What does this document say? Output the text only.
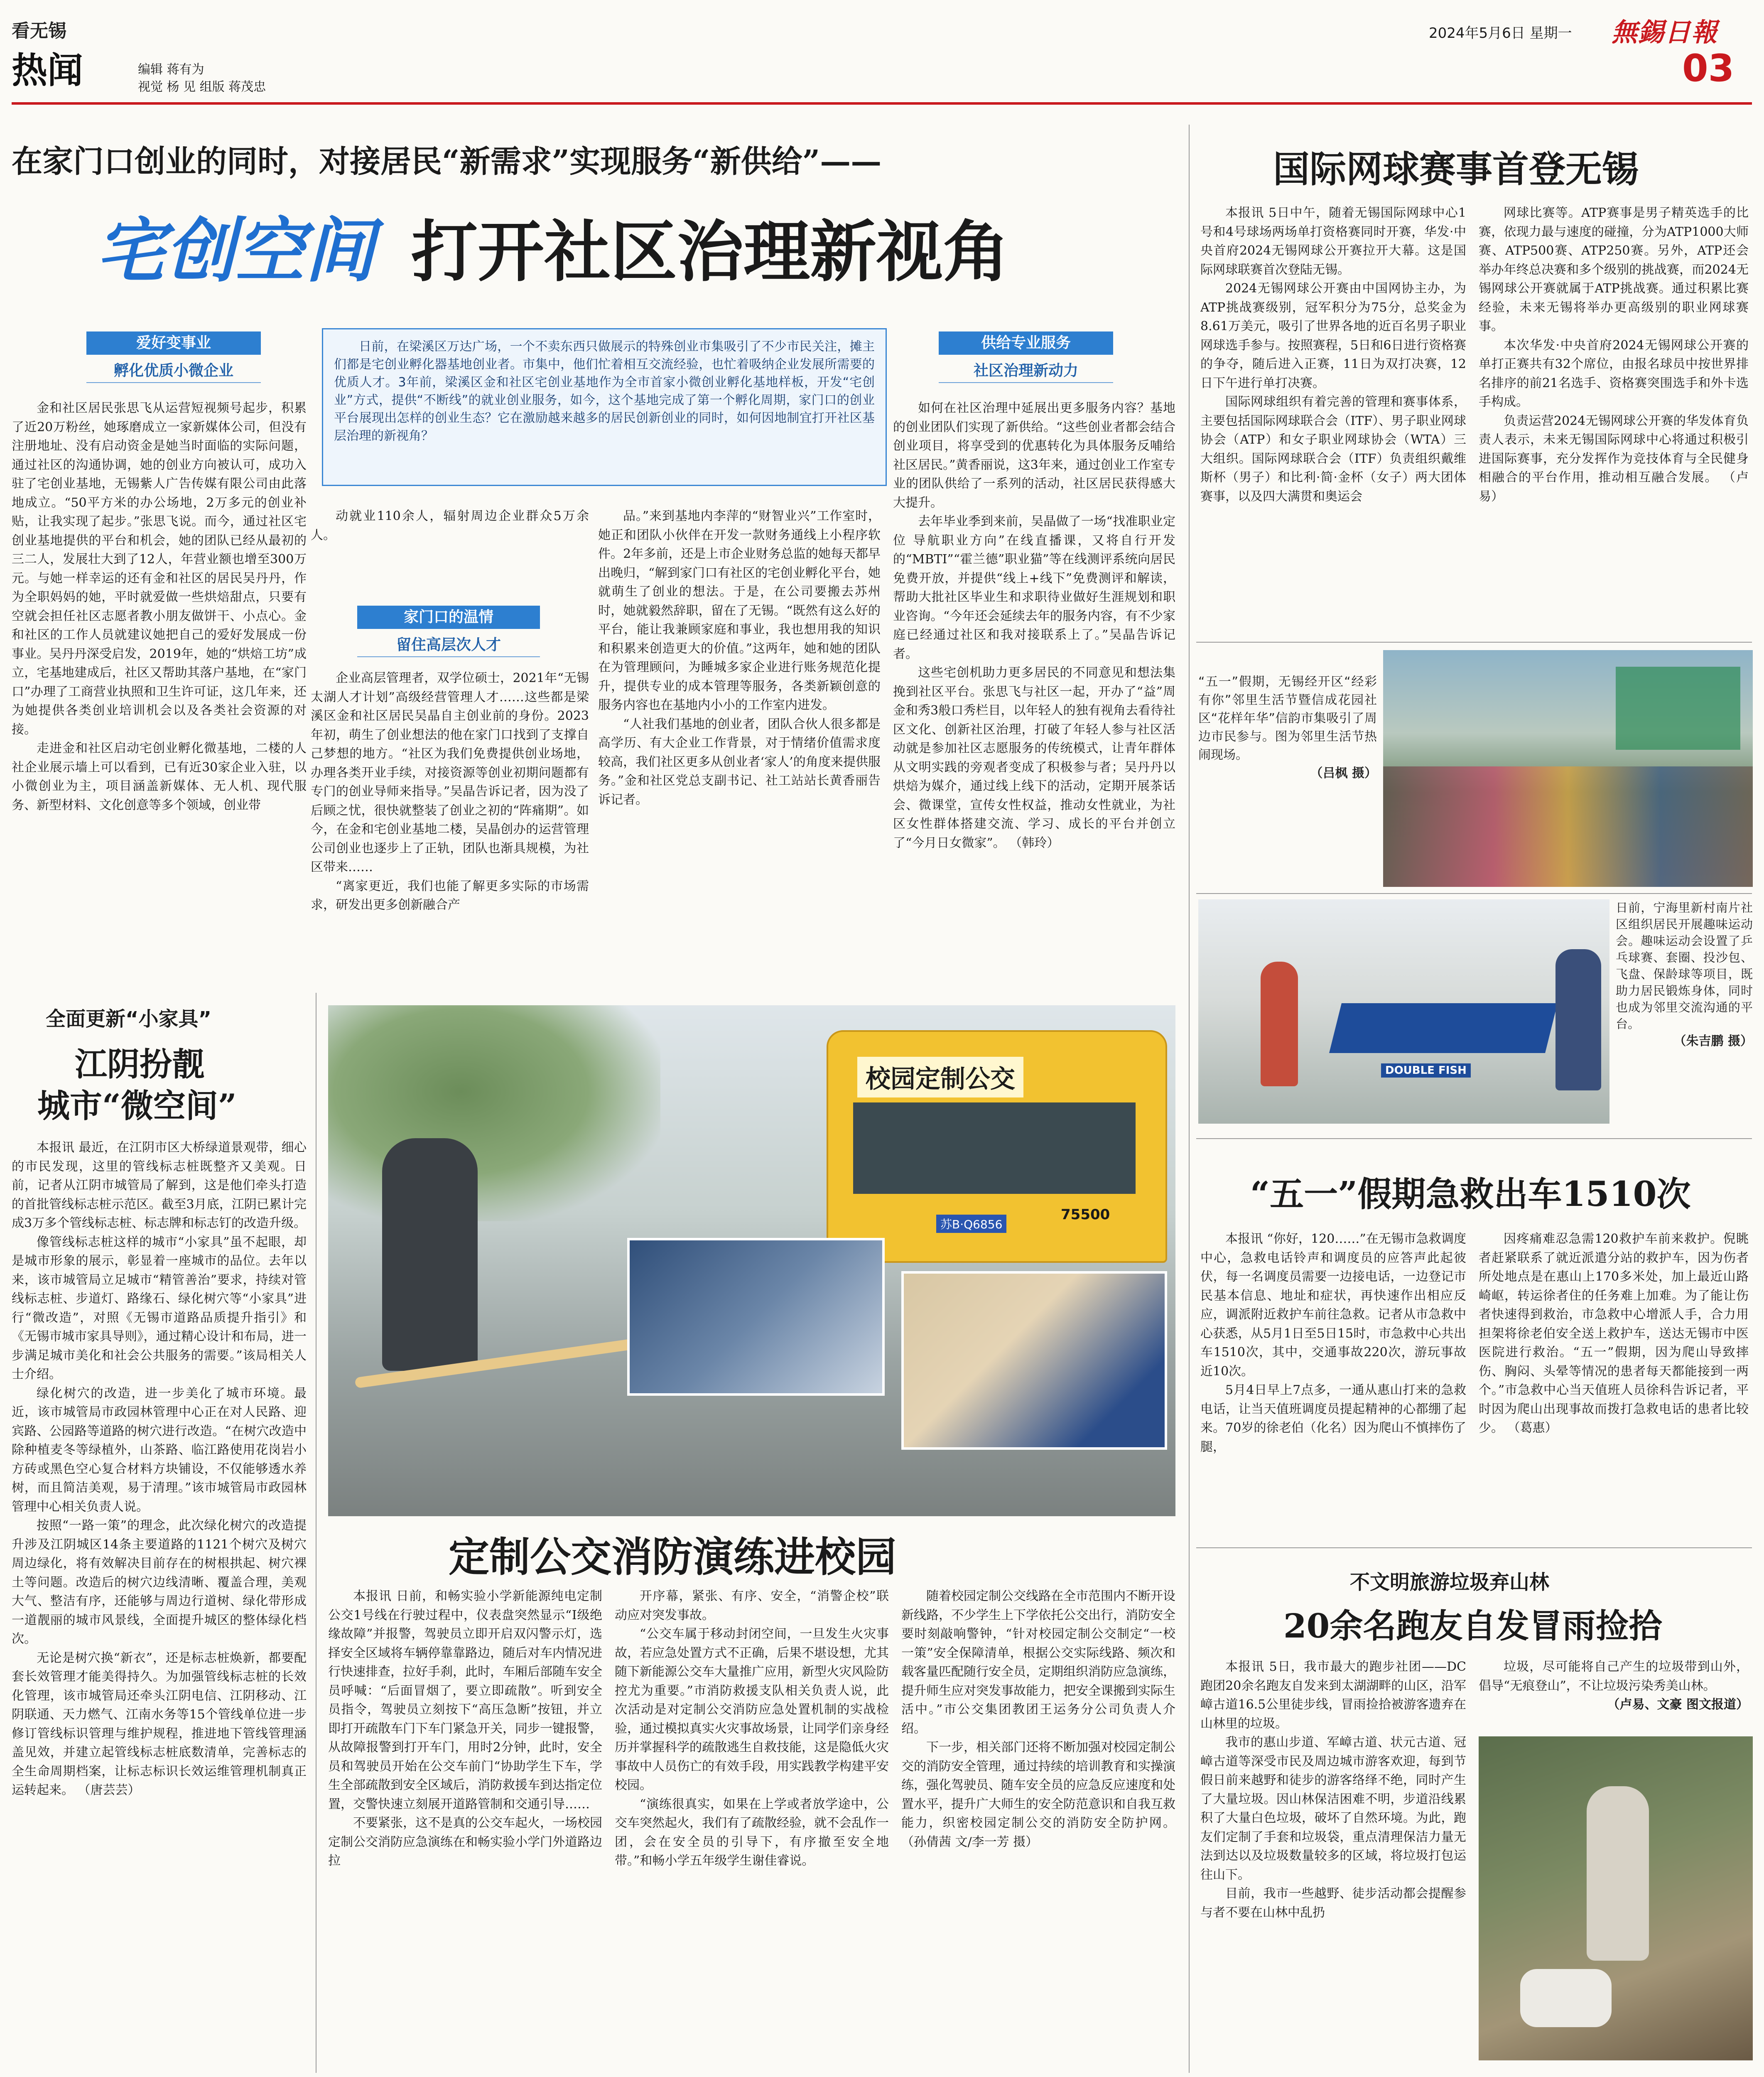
看无锡
热闻	编辑 蒋有为
视觉 杨 见 组版 蒋茂忠
2024年5月6日 星期一 無錫日報
03
在家门口创业的同时，对接居民“新需求”实现服务“新供给”——
宅创空间 打开社区治理新视角
日前，在梁溪区万达广场，一个不卖东西只做展示的特殊创业市集吸引了不少市民关注，摊主们都是宅创业孵化器基地创业者。市集中，他们忙着相互交流经验，也忙着吸纳企业发展所需要的优质人才。3年前，梁溪区金和社区宅创业基地作为全市首家小微创业孵化基地样板，开发“宅创业”方式，提供“不断线”的就业创业服务，如今，这个基地完成了第一个孵化周期，家门口的创业平台展现出怎样的创业生态？它在激励越来越多的居民创新创业的同时，如何因地制宜打开社区基层治理的新视角？
爱好变事业
孵化优质小微企业

金和社区居民张思飞从运营短视频号起步，积累了近20万粉丝，她琢磨成立一家新媒体公司，但没有注册地址、没有启动资金是她当时面临的实际问题，通过社区的沟通协调，她的创业方向被认可，成功入驻了宅创业基地，无锡紫人广告传媒有限公司由此落地成立。“50平方米的办公场地，2万多元的创业补贴，让我实现了起步。”张思飞说。而今，通过社区宅创业基地提供的平台和机会，她的团队已经从最初的三二人，发展壮大到了12人，年营业额也增至300万元。与她一样幸运的还有金和社区的居民吴丹丹，作为全职妈妈的她，平时就爱做一些烘焙甜点，只要有空就会担任社区志愿者教小朋友做饼干、小点心。金和社区的工作人员就建议她把自己的爱好发展成一份事业。吴丹丹深受启发，2019年，她的“烘焙工坊”成立，宅基地建成后，社区又帮助其落户基地，在“家门口”办理了工商营业执照和卫生许可证，这几年来，还为她提供各类创业培训机会以及各类社会资源的对接。

走进金和社区启动宅创业孵化微基地，二楼的人社企业展示墙上可以看到，已有近30家企业入驻，以小微创业为主，项目涵盖新媒体、无人机、现代服务、新型材料、文化创意等多个领域，创业带

动就业110余人，辐射周边企业群众5万余人。

家门口的温情
留住高层次人才

企业高层管理者，双学位硕士，2021年“无锡太湖人才计划”高级经营管理人才……这些都是梁溪区金和社区居民吴晶自主创业前的身份。2023年初，萌生了创业想法的他在家门口找到了支撑自己梦想的地方。“社区为我们免费提供创业场地，办理各类开业手续，对接资源等创业初期问题都有专门的创业导师来指导。”吴晶告诉记者，因为没了后顾之忧，很快就整装了创业之初的“阵痛期”。如今，在金和宅创业基地二楼，吴晶创办的运营管理公司创业也逐步上了正轨，团队也渐具规模，为社区带来……

“离家更近，我们也能了解更多实际的市场需求，研发出更多创新融合产

品。”来到基地内李萍的“财智业兴”工作室时，她正和团队小伙伴在开发一款财务通线上小程序软件。2年多前，还是上市企业财务总监的她每天都早出晚归，“解到家门口有社区的宅创业孵化平台，她就萌生了创业的想法。于是，在公司要搬去苏州时，她就毅然辞职，留在了无锡。“既然有这么好的平台，能让我兼顾家庭和事业，我也想用我的知识和积累来创造更大的价值。”这两年，她和她的团队在为管理顾问，为睡城多家企业进行账务规范化提升，提供专业的成本管理等服务，各类新颖创意的服务内容也在基地内小小的工作室内进发。

“人社我们基地的创业者，团队合伙人很多都是高学历、有大企业工作背景，对于情绪价值需求度较高，我们社区更多从创业者‘家人’的角度来提供服务。”金和社区党总支副书记、社工站站长黄香丽告诉记者。

供给专业服务
社区治理新动力

如何在社区治理中延展出更多服务内容？基地的创业团队们实现了新供给。“这些创业者都会结合创业项目，将享受到的优惠转化为具体服务反哺给社区居民。”黄香丽说，这3年来，通过创业工作室专业的团队供给了一系列的活动，社区居民获得感大大提升。

去年毕业季到来前，吴晶做了一场“找准职业定位 导航职业方向”在线直播课，又将自行开发的“MBTI”“霍兰德”职业猫”等在线测评系统向居民免费开放，并提供“线上+线下”免费测评和解读，帮助大批社区毕业生和求职待业做好生涯规划和职业咨询。“今年还会延续去年的服务内容，有不少家庭已经通过社区和我对接联系上了。”吴晶告诉记者。

这些宅创机助力更多居民的不同意见和想法集挽到社区平台。张思飞与社区一起，开办了“益”周金和秀3般口秀栏目，以年轻人的独有视角去看待社区文化、创新社区治理，打破了年轻人参与社区活动就是参加社区志愿服务的传统模式，让青年群体从文明实践的旁观者变成了积极参与者；吴丹丹以烘焙为媒介，通过线上线下的活动，定期开展茶话会、微课堂，宣传女性权益，推动女性就业，为社区女性群体搭建交流、学习、成长的平台并创立了“今月日女微家”。 （韩玲）

国际网球赛事首登无锡

本报讯 5日中午，随着无锡国际网球中心1号和4号球场两场单打资格赛同时开赛，华发·中央首府2024无锡网球公开赛拉开大幕。这是国际网球联赛首次登陆无锡。

2024无锡网球公开赛由中国网协主办，为ATP挑战赛级别，冠军积分为75分，总奖金为8.61万美元，吸引了世界各地的近百名男子职业网球选手参与。按照赛程，5日和6日进行资格赛的争夺，随后进入正赛，11日为双打决赛，12日下午进行单打决赛。

国际网球组织有着完善的管理和赛事体系，主要包括国际网球联合会（ITF）、男子职业网球协会（ATP）和女子职业网球协会（WTA）三大组织。国际网球联合会（ITF）负责组织戴维斯杯（男子）和比利·简·金杯（女子）两大团体赛事，以及四大满贯和奥运会

网球比赛等。ATP赛事是男子精英选手的比赛，依现力最与速度的碰撞，分为ATP1000大师赛、ATP500赛、ATP250赛。另外，ATP还会举办年终总决赛和多个级别的挑战赛，而2024无锡网球公开赛就属于ATP挑战赛。通过积累比赛经验，未来无锡将举办更高级别的职业网球赛事。

本次华发·中央首府2024无锡网球公开赛的单打正赛共有32个席位，由报名球员中按世界排名排序的前21名选手、资格赛突围选手和外卡选手构成。

负责运营2024无锡网球公开赛的华发体育负责人表示，未来无锡国际网球中心将通过积极引进国际赛事，充分发挥作为竞技体育与全民健身相融合的平台作用，推动相互融合发展。 （卢易）

“五一”假期，无锡经开区“经彩有你”邻里生活节暨信成花园社区“花样年华”信韵市集吸引了周边市民参与。图为邻里生活节热闹现场。
（吕枫 摄）
DOUBLE FISH
日前，宁海里新村南片社区组织居民开展趣味运动会。趣味运动会设置了乒乓球赛、套圈、投沙包、飞盘、保龄球等项目，既助力居民锻炼身体，同时也成为邻里交流沟通的平台。
（朱吉鹏 摄）
“五一”假期急救出车1510次

本报讯 “你好，120……”在无锡市急救调度中心，急救电话铃声和调度员的应答声此起彼伏，每一名调度员需要一边接电话，一边登记市民基本信息、地址和症状，再快速作出相应反应，调派附近救护车前往急救。记者从市急救中心获悉，从5月1日至5日15时，市急救中心共出车1510次，其中，交通事故220次，游玩事故近10次。

5月4日早上7点多，一通从惠山打来的急救电话，让当天值班调度员提起精神的心都绷了起来。70岁的徐老伯（化名）因为爬山不慎摔伤了腿，

因疼痛难忍急需120救护车前来救护。倪眺者赶紧联系了就近派遣分站的救护车，因为伤者所处地点是在惠山上170多米处，加上最近山路崎岖，转运徐者住的任务难上加难。为了能让伤者快速得到救治，市急救中心增派人手，合力用担架将徐老伯安全送上救护车，送达无锡市中医医院进行救治。“五一”假期，因为爬山导致摔伤、胸闷、头晕等情况的患者每天都能接到一两个。”市急救中心当天值班人员徐科告诉记者，平时因为爬山出现事故而拨打急救电话的患者比较少。 （葛惠）

不文明旅游垃圾弃山林
20余名跑友自发冒雨捡拾

本报讯 5日，我市最大的跑步社团——DC跑团20余名跑友自发来到太湖湖畔的山区，沿军嶂古道16.5公里徒步线，冒雨捡拾被游客遗弃在山林里的垃圾。

我市的惠山步道、军嶂古道、状元古道、冠嶂古道等深受市民及周边城市游客欢迎，每到节假日前来越野和徒步的游客络绎不绝，同时产生了大量垃圾。因山林保洁困难不明，步道沿线累积了大量白色垃圾，破坏了自然环境。为此，跑友们定制了手套和垃圾袋，重点清理保洁力量无法到达以及垃圾数量较多的区域，将垃圾打包运往山下。

目前，我市一些越野、徒步活动都会提醒参与者不要在山林中乱扔

垃圾，尽可能将自己产生的垃圾带到山外，倡导“无痕登山”，不让垃圾污染秀美山林。

（卢易、文豪 图文报道）
全面更新“小家具”
江阴扮靓
城市“微空间”

本报讯 最近，在江阴市区大桥绿道景观带，细心的市民发现，这里的管线标志桩既整齐又美观。日前，记者从江阴市城管局了解到，这是他们牵头打造的首批管线标志桩示范区。截至3月底，江阴已累计完成3万多个管线标志桩、标志牌和标志钉的改造升级。

像管线标志桩这样的城市“小家具”虽不起眼，却是城市形象的展示，彰显着一座城市的品位。去年以来，该市城管局立足城市“精管善治”要求，持续对管线标志桩、步道灯、路缘石、绿化树穴等“小家具”进行“微改造”，对照《无锡市道路品质提升指引》和《无锡市城市家具导则》，通过精心设计和布局，进一步满足城市美化和社会公共服务的需要。”该局相关人士介绍。

绿化树穴的改造，进一步美化了城市环境。最近，该市城管局市政园林管理中心正在对人民路、迎宾路、公园路等道路的树穴进行改造。“在树穴改造中除种植麦冬等绿植外，山茶路、临江路使用花岗岩小方砖或黑色空心复合材料方块铺设，不仅能够透水养树，而且简洁美观，易于清理。”该市城管局市政园林管理中心相关负责人说。

按照“一路一策”的理念，此次绿化树穴的改造提升涉及江阴城区14条主要道路的1121个树穴及树穴周边绿化，将有效解决目前存在的树根拱起、树穴裸土等问题。改造后的树穴边线清晰、覆盖合理，美观大气、整洁有序，还能够与周边行道树、绿化带形成一道靓丽的城市风景线，全面提升城区的整体绿化档次。

无论是树穴换“新衣”，还是标志桩焕新，都要配套长效管理才能美得持久。为加强管线标志桩的长效化管理，该市城管局还牵头江阴电信、江阴移动、江阴联通、天力燃气、江南水务等15个管线单位进一步修订管线标识管理与维护规程，推进地下管线管理涵盖见效，并建立起管线标志桩底数清单，完善标志的全生命周期档案，让标志标识长效运维管理机制真正运转起来。 （唐芸芸）

校园定制公交
75500
苏B·Q6856
定制公交消防演练进校园

本报讯 日前，和畅实验小学新能源纯电定制公交1号线在行驶过程中，仪表盘突然显示“Ⅰ级绝缘故障”并报警，驾驶员立即开启双闪警示灯，选择安全区域将车辆停靠靠路边，随后对车内情况进行快速排查，拉好手刹，此时，车厢后部随车安全员呼喊：“后面冒烟了，要立即疏散”。听到安全员指令，驾驶员立刻按下“高压急断”按钮，并立即打开疏散车门下车门紧急开关，同步一键报警，从故障报警到打开车门，用时2分钟，此时，安全员和驾驶员开始在公交车前门“协助学生下车，学生全部疏散到安全区域后，消防救援车到达指定位置，交警快速立刻展开道路管制和交通引导……

不要紧张，这不是真的公交车起火，一场校园定制公交消防应急演练在和畅实验小学门外道路边拉

开序幕，紧张、有序、安全，“消警企校”联动应对突发事故。

“公交车属于移动封闭空间，一旦发生火灾事故，若应急处置方式不正确，后果不堪设想，尤其随下新能源公交车大量推广应用，新型火灾风险防控尤为重要。”市消防救援支队相关负责人说，此次活动是对定制公交消防应急处置机制的实战检验，通过模拟真实火灾事故场景，让同学们亲身经历并掌握科学的疏散逃生自救技能，这是隐低火灾事故中人员伤亡的有效手段，用实践教学构建平安校园。

“演练很真实，如果在上学或者放学途中，公交车突然起火，我们有了疏散经验，就不会乱作一团，会在安全员的引导下，有序撤至安全地带。”和畅小学五年级学生谢佳睿说。

随着校园定制公交线路在全市范围内不断开设新线路，不少学生上下学依托公交出行，消防安全要时刻敲响警钟，“针对校园定制公交制定“一校一策”安全保障清单，根据公交实际线路、频次和载客量匹配随行安全员，定期组织消防应急演练，提升师生应对突发事故能力，把安全课搬到实际生活中。”市公交集团教团王运务分公司负责人介绍。

下一步，相关部门还将不断加强对校园定制公交的消防安全管理，通过持续的培训教育和实操演练，强化驾驶员、随车安全员的应急反应速度和处置水平，提升广大师生的安全防范意识和自我互救能力，织密校园定制公交的消防安全防护网。 （孙倩茜 文/李一芳 摄）
